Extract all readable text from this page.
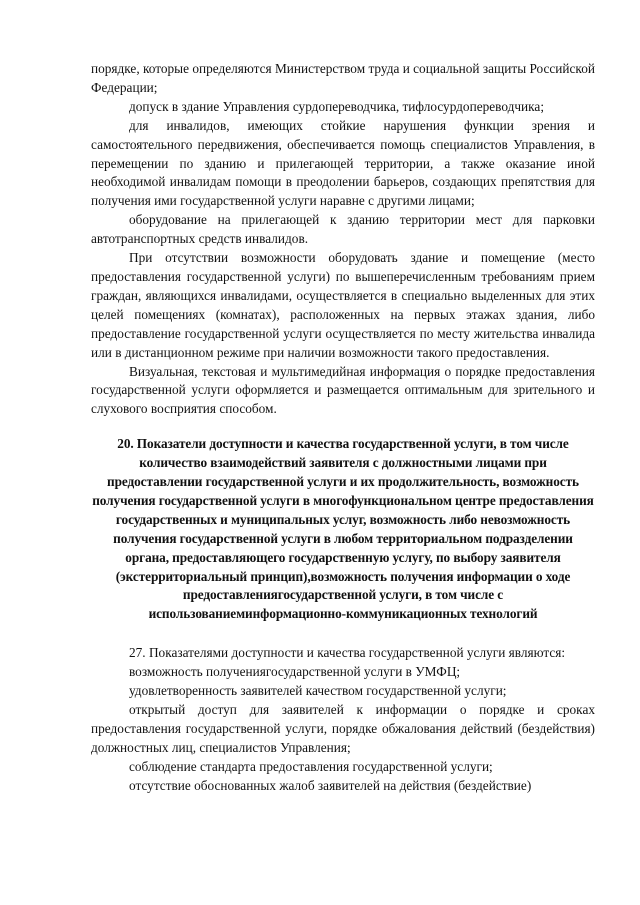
порядке, которые определяются Министерством труда и социальной защиты Российской Федерации;

допуск в здание Управления сурдопереводчика, тифлосурдопереводчика;

для инвалидов, имеющих стойкие нарушения функции зрения и самостоятельного передвижения, обеспечивается помощь специалистов Управления, в перемещении по зданию и прилегающей территории, а также оказание иной необходимой инвалидам помощи в преодолении барьеров, создающих препятствия для получения ими государственной услуги наравне с другими лицами;

оборудование на прилегающей к зданию территории мест для парковки автотранспортных средств инвалидов.

При отсутствии возможности оборудовать здание и помещение (место предоставления государственной услуги) по вышеперечисленным требованиям прием граждан, являющихся инвалидами, осуществляется в специально выделенных для этих целей помещениях (комнатах), расположенных на первых этажах здания, либо предоставление государственной услуги осуществляется по месту жительства инвалида или в дистанционном режиме при наличии возможности такого предоставления.

Визуальная, текстовая и мультимедийная информация о порядке предоставления государственной услуги оформляется и размещается оптимальным для зрительного и слухового восприятия способом.

20. Показатели доступности и качества государственной услуги, в том числе количество взаимодействий заявителя с должностными лицами при предоставлении государственной услуги и их продолжительность, возможность получения государственной услуги в многофункциональном центре предоставления государственных и муниципальных услуг, возможность либо невозможность получения государственной услуги в любом территориальном подразделении органа, предоставляющего государственную услугу, по выбору заявителя (экстерриториальный принцип),возможность получения информации о ходе предоставлениягосударственной услуги, в том числе с использованиеминформационно-коммуникационных технологий

27. Показателями доступности и качества государственной услуги являются:

возможность получениягосударственной услуги в УМФЦ;

удовлетворенность заявителей качеством государственной услуги;

открытый доступ для заявителей к информации о порядке и сроках предоставления государственной услуги, порядке обжалования действий (бездействия) должностных лиц, специалистов Управления;

соблюдение стандарта предоставления государственной услуги;

отсутствие обоснованных жалоб заявителей на действия (бездействие)
